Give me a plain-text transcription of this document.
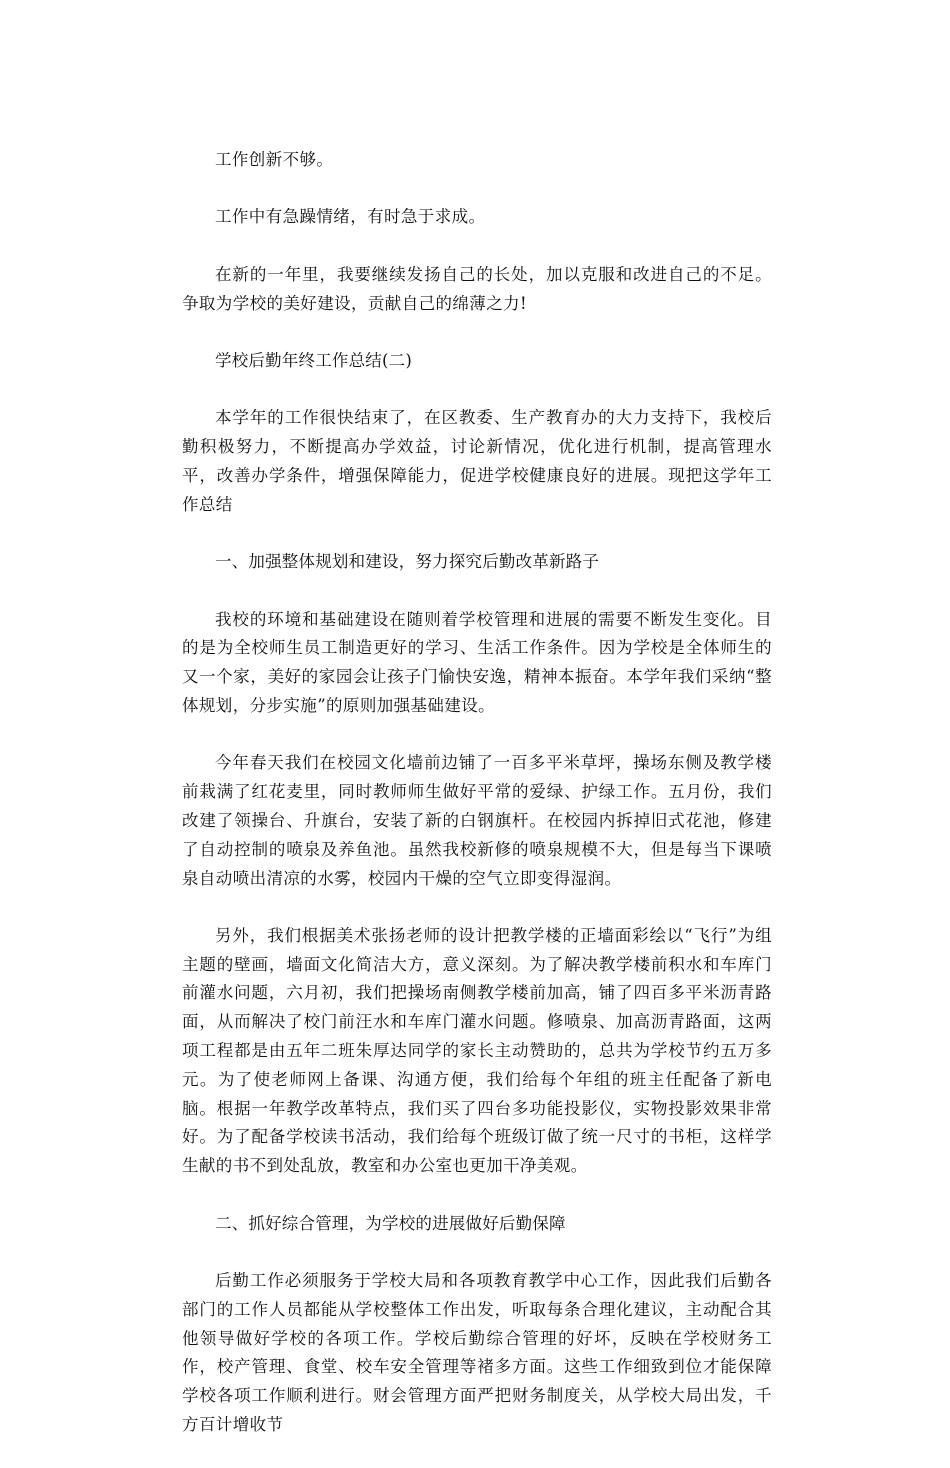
工作创新不够。

工作中有急躁情绪，有时急于求成。

在新的一年里，我要继续发扬自己的长处，加以克服和改进自己的不足。争取为学校的美好建设，贡献自己的绵薄之力!

学校后勤年终工作总结(二)

本学年的工作很快结束了，在区教委、生产教育办的大力支持下，我校后勤积极努力，不断提高办学效益，讨论新情况，优化进行机制，提高管理水平，改善办学条件，增强保障能力，促进学校健康良好的进展。现把这学年工作总结

一、加强整体规划和建设，努力探究后勤改革新路子

我校的环境和基础建设在随则着学校管理和进展的需要不断发生变化。目的是为全校师生员工制造更好的学习、生活工作条件。因为学校是全体师生的又一个家，美好的家园会让孩子门愉快安逸，精神本振奋。本学年我们采纳“整体规划，分步实施”的原则加强基础建设。

今年春天我们在校园文化墙前边铺了一百多平米草坪，操场东侧及教学楼前栽满了红花麦里，同时教师师生做好平常的爱绿、护绿工作。五月份，我们改建了领操台、升旗台，安装了新的白钢旗杆。在校园内拆掉旧式花池，修建了自动控制的喷泉及养鱼池。虽然我校新修的喷泉规模不大，但是每当下课喷泉自动喷出清凉的水雾，校园内干燥的空气立即变得湿润。

另外，我们根据美术张扬老师的设计把教学楼的正墙面彩绘以“飞行”为组主题的壁画，墙面文化简洁大方，意义深刻。为了解决教学楼前积水和车库门前灌水问题，六月初，我们把操场南侧教学楼前加高，铺了四百多平米沥青路面，从而解决了校门前汪水和车库门灌水问题。修喷泉、加高沥青路面，这两项工程都是由五年二班朱厚达同学的家长主动赞助的，总共为学校节约五万多元。为了使老师网上备课、沟通方便，我们给每个年组的班主任配备了新电脑。根据一年教学改革特点，我们买了四台多功能投影仪，实物投影效果非常好。为了配备学校读书活动，我们给每个班级订做了统一尺寸的书柜，这样学生献的书不到处乱放，教室和办公室也更加干净美观。

二、抓好综合管理，为学校的进展做好后勤保障

后勤工作必须服务于学校大局和各项教育教学中心工作，因此我们后勤各部门的工作人员都能从学校整体工作出发，听取每条合理化建议，主动配合其他领导做好学校的各项工作。学校后勤综合管理的好坏，反映在学校财务工作，校产管理、食堂、校车安全管理等褚多方面。这些工作细致到位才能保障学校各项工作顺利进行。财会管理方面严把财务制度关，从学校大局出发，千方百计增收节
